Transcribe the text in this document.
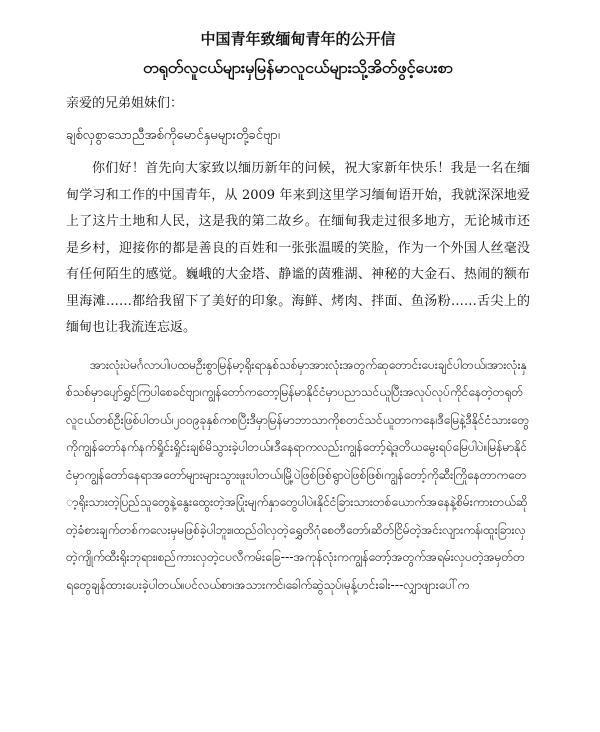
中国青年致缅甸青年的公开信
တရုတ်လူငယ်များမှမြန်မာလူငယ်များသို့အိတ်ဖွင့်ပေးစာ

亲爱的兄弟姐妹们：

ချစ်လှစွာသောညီအစ်ကိုမောင်နှမများတို့ခင်ဗျာ၊

你们好！首先向大家致以缅历新年的问候，祝大家新年快乐！我是一名在缅甸学习和工作的中国青年，从 2009 年来到这里学习缅甸语开始，我就深深地爱上了这片土地和人民，这是我的第二故乡。在缅甸我走过很多地方，无论城市还是乡村，迎接你的都是善良的百姓和一张张温暖的笑脸，作为一个外国人丝毫没有任何陌生的感觉。巍峨的大金塔、静谧的茵雅湖、神秘的大金石、热闹的额布里海滩……都给我留下了美好的印象。海鲜、烤肉、拌面、鱼汤粉……舌尖上的缅甸也让我流连忘返。

အားလုံးပဲမင်္ဂလာပါ၊ပထမဦးစွာမြန်မာ့ရိုးရာနှစ်သစ်မှာအားလုံးအတွက်ဆုတောင်းပေးချင်ပါတယ်၊အားလုံးနှစ်သစ်မှာပျော်ရွှင်ကြပါစေခင်ဗျာ၊ကျွန်တော်ကတော့မြန်မာနိုင်ငံမှာပညာသင်ယူပြီးအလုပ်လုပ်ကိုင်နေတဲ့တရုတ်လူငယ်တစ်ဦးဖြစ်ပါတယ်၊၂၀၀၉ခုနှစ်ကစပြီးဒီမှာမြန်မာဘာသာကိုစတင်သင်ယူတာကနေ၊ဒီမြေနဲ့ဒီနိုင်ငံသားတွေကိုကျွန်တော်နက်နက်ရှိုင်းရှိုင်းချစ်မိသွားခဲ့ပါတယ်။ဒီနေရာကလည်းကျွန်တော့်ရဲ့ဒုတိယမွေးရပ်မြေပါပဲ။မြန်မာနိုင်ငံမှာကျွန်တော်နေရာအတော်များများသွားဖူးပါတယ်၊မြို့ပဲဖြစ်ဖြစ်ရွာပဲဖြစ်ဖြစ်၊ကျွန်တော့်ကိုဆီးကြိုနေတာကတော့ရိုးသားတဲ့ပြည်သူတွေနဲ့နွေးထွေးတဲ့အပြုံးမျက်နှာတွေပါပဲ။နိုင်ငံခြားသားတစ်ယောက်အနေနဲ့စိမ်းကားတယ်ဆိုတဲ့ခံစားချက်တစ်ကလေးမှမဖြစ်ခဲ့ပါဘူး။ထည်ဝါလှတဲ့ရွှေတိဂုံစေတီတော်၊ဆိတ်ငြိမ်တဲ့အင်းလျားကန်၊ထူးခြားလှတဲ့ကျိုက်ထီးရိုးဘုရား၊စည်ကားလှတဲ့ငပလီကမ်းခြေ---အကုန်လုံးကကျွန်တော့်အတွက်အရမ်းလှပတဲ့အမှတ်တရတွေချန်ထားပေးခဲ့ပါတယ်။ပင်လယ်စာ၊အသားကင်၊ခေါက်ဆွဲသုပ်၊မုန့်ဟင်းခါး---လျှာဖျားပေါ်က
